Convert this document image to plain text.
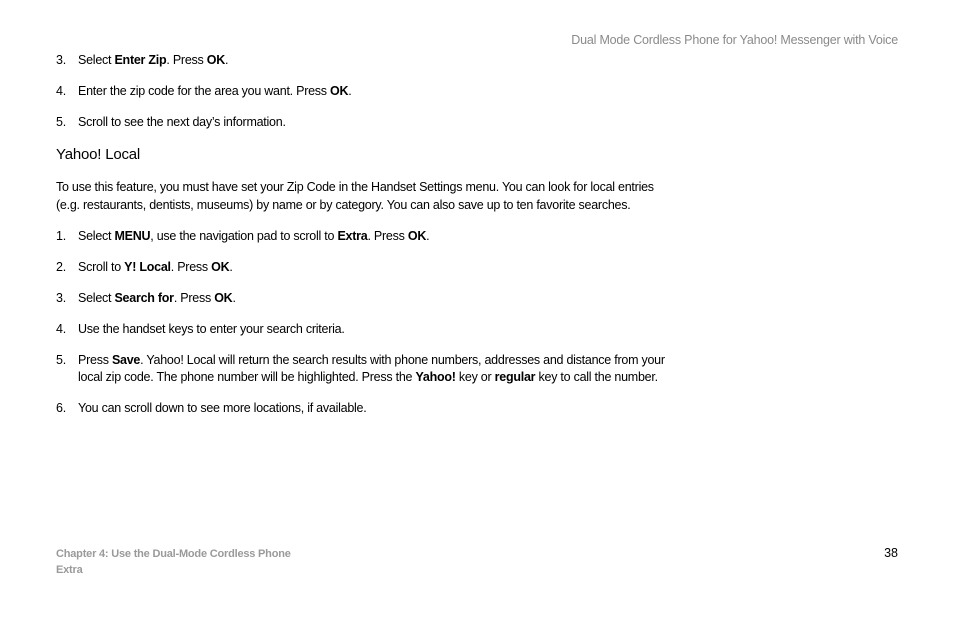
Dual Mode Cordless Phone for Yahoo! Messenger with Voice
3. Select Enter Zip. Press OK.
4. Enter the zip code for the area you want. Press OK.
5. Scroll to see the next day’s information.
Yahoo! Local

To use this feature, you must have set your Zip Code in the Handset Settings menu. You can look for local entries (e.g. restaurants, dentists, museums) by name or by category. You can also save up to ten favorite searches.

1. Select MENU, use the navigation pad to scroll to Extra. Press OK.
2. Scroll to Y! Local. Press OK.
3. Select Search for. Press OK.
4. Use the handset keys to enter your search criteria.
5. Press Save. Yahoo! Local will return the search results with phone numbers, addresses and distance from your local zip code. The phone number will be highlighted. Press the Yahoo! key or regular key to call the number.
6. You can scroll down to see more locations, if available.
Chapter 4: Use the Dual-Mode Cordless Phone
Extra
38
